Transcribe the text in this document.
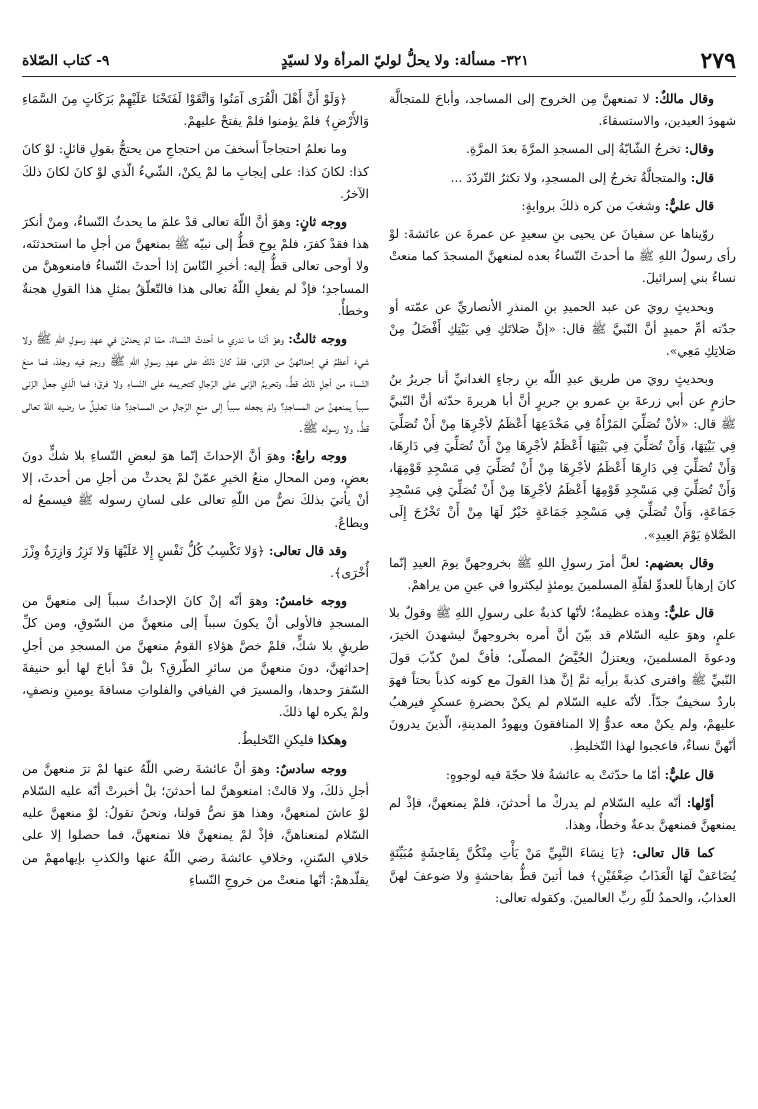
٢٧٩
٣٢١- مسألة: ولا يحلُّ لوليّ المرأة ولا لسيّدٍ
٩- كتاب الصّلاة

وقال مالكٌ: لا تمنعهنَّ مِن الخروج إلى المساجد، وأباحَ للمتجالَّة شهودَ العيدين، والاستسقاءَ.

وقال: تخرجُ الشّابّةُ إلى المسجدِ المرَّةَ بعدَ المرَّةِ.

قال: والمتجالَّةُ تخرجُ إلى المسجدِ، ولا تكثرُ التّردّدَ ...

قال عليٌّ: وشغبَ من كره ذلكَ بروايةٍ:

روّيناها عن سفيانَ عن يحيى بنِ سعيدٍ عن عمرةَ عن عائشةَ: لوْ رأى رسولُ اللهِ ﷺ ما أحدثَ النّساءُ بعده لمنعهنَّ المسجدَ كما منعتْ نساءُ بني إسرائيلَ.

وبحديثٍ رويَ عن عبد الحميدِ بنِ المنذرِ الأنصاريِّ عن عمّته أو جدّته أمِّ حميدٍ أنَّ النّبيَّ ﷺ قال: «إنَّ صَلاتَكِ فِي بَيْتِكِ أَفْضَلُ مِنْ صَلاتِكِ مَعِي».

وبحديثٍ رويَ من طريق عبدِ اللّه بنِ رجاءٍ الغدانيِّ أنا جريرُ بنُ حازمٍ عن أبي زرعةَ بنِ عمرو بنِ جريرٍ أنَّ أبا هريرةَ حدّثه أنَّ النّبيَّ ﷺ قال: «لأنْ تُصَلِّيَ المَرْأَةُ فِي مَخْدَعِهَا أَعْظَمُ لأجْرِهَا مِنْ أَنْ تُصَلِّيَ فِي بَيْتِهَا، وَأَنْ تُصَلِّيَ فِي بَيْتِهَا أَعْظَمُ لأجْرِهَا مِنْ أَنْ تُصَلِّيَ فِي دَارِهَا، وَأَنْ تُصَلِّيَ فِي دَارِهَا أَعْظَمُ لأجْرِهَا مِنْ أَنْ تُصَلِّيَ فِي مَسْجِدِ قَوْمِهَا، وَأَنْ تُصَلِّيَ فِي مَسْجِدِ قَوْمِهَا أَعْظَمُ لأجْرِهَا مِنْ أَنْ تُصَلِّيَ فِي مَسْجِدِ جَمَاعَةٍ، وَأَنْ تُصَلِّيَ فِي مَسْجِدِ جَمَاعَةٍ خَيْرٌ لَهَا مِنْ أَنْ تَخْرُجَ إِلَى الصَّلاةِ يَوْمَ العِيدِ».

وقال بعضهم: لعلَّ أمرَ رسولِ اللهِ ﷺ بخروجهنَّ يومَ العيدِ إنّما كانَ إرهاباً للعدوِّ لقلّةِ المسلمينَ يومئذٍ ليكثروا في عينِ من يراهمْ.

قال عليٌّ: وهذه عظيمةٌ؛ لأنّها كذبةٌ على رسولِ اللهِ ﷺ وقولٌ بلا علمٍ، وهوَ عليه السّلام قد بيّنَ أنَّ أمره بخروجهنَّ ليشهدنَ الخيرَ، ودعوةَ المسلمينَ، ويعتزلُ الحُيَّضُ المصلّى؛ فأفَّ لمنْ كذّبَ قولَ النّبيِّ ﷺ وافترى كذبةً برأيه ثمَّ إنَّ هذا القولَ مع كونه كذباً بحتاً فهوَ باردٌ سخيفٌ جدّاً. لأنّه عليه السّلام لم يكنْ بحضرةِ عسكرٍ فيرهبُ عليهمْ، ولم يكنْ معه عدوٌّ إلا المنافقونَ ويهودُ المدينةِ، الّذينَ يدرونَ أنّهنَّ نساءٌ، فاعجبوا لهذا التّخليطِ.

قال عليٌّ: أمّا ما حدّثتْ به عائشةُ فلا حجّةَ فيه لوجوهٍ:

أوّلها: أنّه عليه السّلام لم يدركْ ما أحدثنَ، فلمْ يمنعهنَّ، فإذْ لم يمنعهنَّ فمنعهنَّ بدعةٌ وخطأٌ، وهذا.

كما قال تعالى: ﴿يَا نِسَاءَ النَّبِيِّ مَنْ يَأْتِ مِنْكُنَّ بِفَاحِشَةٍ مُبَيِّنَةٍ يُضَاعَفْ لَهَا الْعَذَابُ ضِعْفَيْنِ﴾ فما أتينَ قطُّ بفاحشةٍ ولا ضوعفَ لهنَّ العذابُ، والحمدُ للّهِ ربِّ العالمينَ. وكقوله تعالى:

﴿وَلَوْ أَنَّ أَهْلَ الْقُرَى آمَنُوا وَاتَّقَوْا لَفَتَحْنَا عَلَيْهِمْ بَرَكَاتٍ مِنَ السَّمَاءِ وَالأَرْضِ﴾ فلمْ يؤمنوا فلمْ يفتحْ عليهمْ.

وما نعلمُ احتجاجاً أسخفَ من احتجاجِ من يحتجُّ بقولِ قائلٍ: لوْ كانَ كذا: لكانَ كذا: على إيجابِ ما لمْ يكنْ، الشّيءُ الّذي لوْ كانَ لكانَ ذلكَ الآخرُ.

ووجه ثانٍ: وهوَ أنَّ اللّهَ تعالى قدْ علمَ ما يحدثُ النّساءُ، ومنْ أنكرَ هذا فقدْ كفرَ، فلمْ يوحِ قطُّ إلى نبيّه ﷺ بمنعهنَّ من أجلِ ما استحدثنَه، ولا أوحى تعالى قطُّ إليه: أخبرِ النّاسَ إذا أحدثَ النّساءُ فامنعوهنَّ من المساجدِ؛ فإذْ لم يفعلِ اللّهُ تعالى هذا فالتّعلّقُ بمثلِ هذا القولِ هجنةٌ وخطأٌ.

ووجه ثالثٌ: وهوَ أنّنا ما ندري ما أحدثَ النّساءُ، ممّا لمْ يحدثنَ في عهدِ رسولِ اللهِ ﷺ ولا شيءَ أعظمُ في إحداثهنَّ من الزّنى، فقدْ كانَ ذلكَ على عهدِ رسولِ اللهِ ﷺ ورجمَ فيه وجلدَ، فما منعَ النّساءَ من أجلِ ذلكَ قطُّ، وتحريمُ الزّنى على الرّجالِ كتحريمه على النّساءِ ولا فرقَ؛ فما الّذي جعلَ الزّنى سبباً يمنعهنَّ من المساجدِ؟ ولمْ يجعله سبباً إلى منعِ الرّجالِ من المساجدِ؟ هذا تعليلٌ ما رضيه اللّهُ تعالى قطُّ، ولا رسوله ﷺ.

ووجه رابعٌ: وهوَ أنَّ الإحداثَ إنّما هوَ لبعضِ النّساءِ بلا شكٍّ دونَ بعضٍ، ومن المحالِ منعُ الخيرِ عمّنْ لمْ يحدثْ من أجلِ من أحدثَ، إلا أنْ يأتيَ بذلكَ نصٌّ من اللّهِ تعالى على لسانِ رسوله ﷺ فيسمعُ له ويطاعُ.

وقد قال تعالى: ﴿وَلا تَكْسِبُ كُلُّ نَفْسٍ إِلا عَلَيْهَا وَلا تَزِرُ وَازِرَةٌ وِزْرَ أُخْرَى﴾.

ووجه خامسٌ: وهوَ أنّه إنْ كانَ الإحداثُ سبباً إلى منعهنَّ من المسجدِ فالأولى أنْ يكونَ سبباً إلى منعهنَّ من السّوقِ، ومن كلِّ طريقٍ بلا شكٍّ، فلمْ خصَّ هؤلاءِ القومُ منعهنَّ من المسجدِ من أجلِ إحداثهنَّ، دونَ منعهنَّ من سائرِ الطّرقِ؟ بلْ قدْ أباحَ لها أبو حنيفةَ السّفرَ وحدها، والمسيرَ في الفيافي والفلواتِ مسافةَ يومينِ ونصفٍ، ولمْ يكره لها ذلكَ.

وهكذا فليكنِ التّخليطُ.

ووجه سادسٌ: وهوَ أنَّ عائشةَ رضي اللّهُ عنها لمْ ترَ منعهنَّ من أجلِ ذلكَ، ولا قالتْ: امنعوهنَّ لما أحدثنَ؛ بلْ أخبرتْ أنّه عليه السّلام لوْ عاشَ لمنعهنَّ، وهذا هوَ نصُّ قولنا، ونحنُ نقولُ: لوْ منعهنَّ عليه السّلام لمنعناهنَّ، فإذْ لمْ يمنعهنَّ فلا نمنعهنَّ، فما حصلوا إلا على خلافِ السّننِ، وخلافِ عائشةَ رضي اللّهُ عنها والكذبِ بإيهامهمْ من يقلّدهمْ: أنّها منعتْ من خروجِ النّساءِ
